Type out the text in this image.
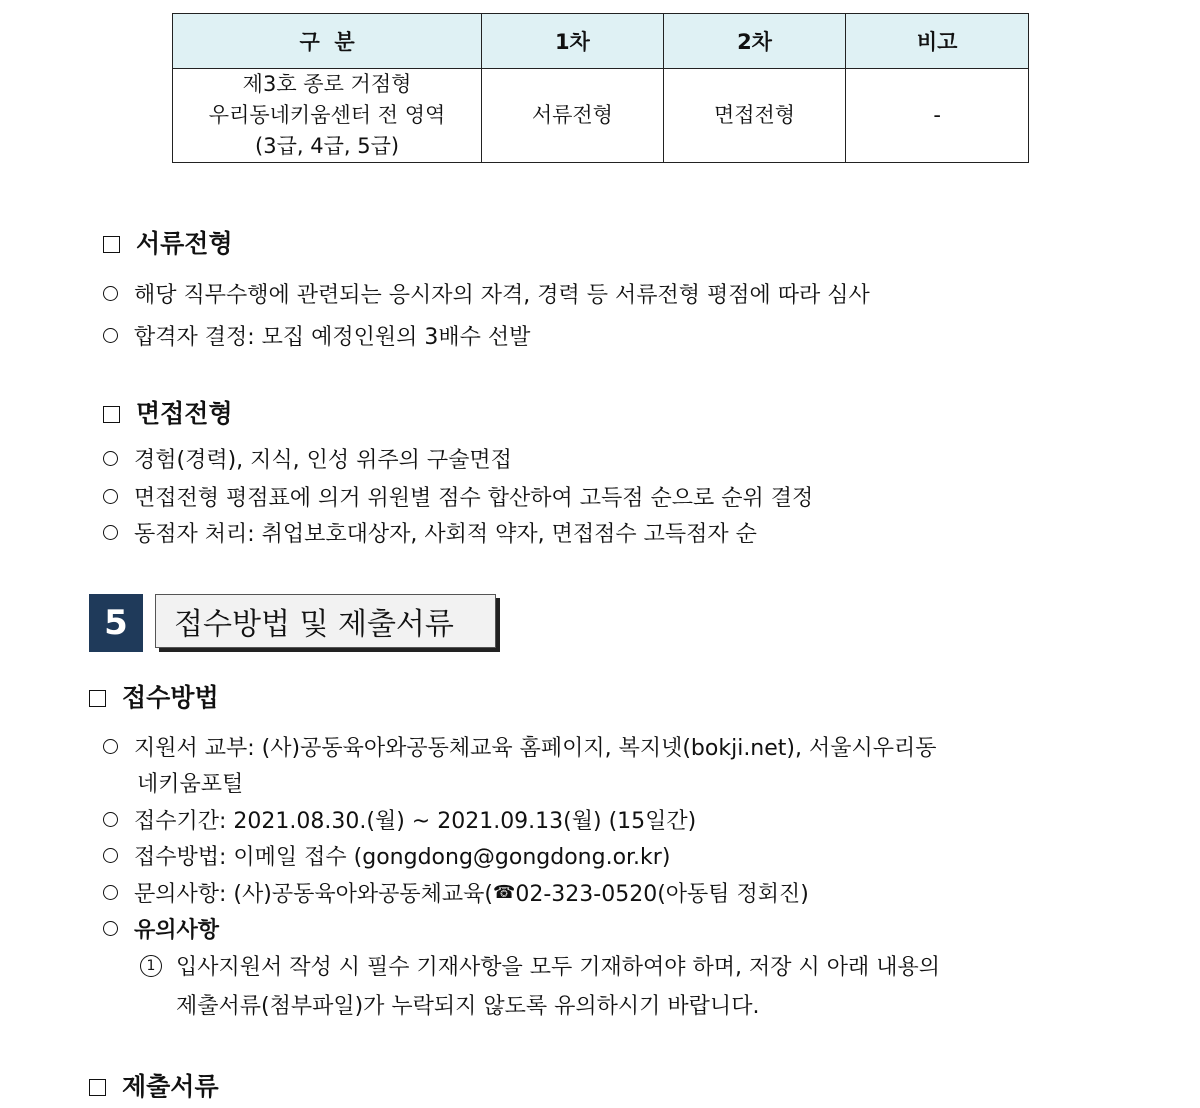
구  분	1차	2차	비고

제3호 종로 거점형
우리동네키움센터 전 영역
(3급, 4급, 5급)	서류전형	면접전형	-
서류전형
해당 직무수행에 관련되는 응시자의 자격, 경력 등 서류전형 평점에 따라 심사
합격자 결정: 모집 예정인원의 3배수 선발
면접전형
경험(경력), 지식, 인성 위주의 구술면접
면접전형 평점표에 의거 위원별 점수 합산하여 고득점 순으로 순위 결정
동점자 처리: 취업보호대상자, 사회적 약자, 면접점수 고득점자 순
5	접수방법 및 제출서류
접수방법
지원서 교부: (사)공동육아와공동체교육 홈페이지, 복지넷(bokji.net), 서울시우리동
네키움포털
접수기간: 2021.08.30.(월) ~ 2021.09.13(월) (15일간)
접수방법: 이메일 접수 (gongdong@gongdong.or.kr)
문의사항: (사)공동육아와공동체교육( ☎ 02-323-0520(아동팀 정회진)
유의사항
1 입사지원서 작성 시 필수 기재사항을 모두 기재하여야 하며, 저장 시 아래 내용의
제출서류(첨부파일)가 누락되지 않도록 유의하시기 바랍니다.
제출서류
